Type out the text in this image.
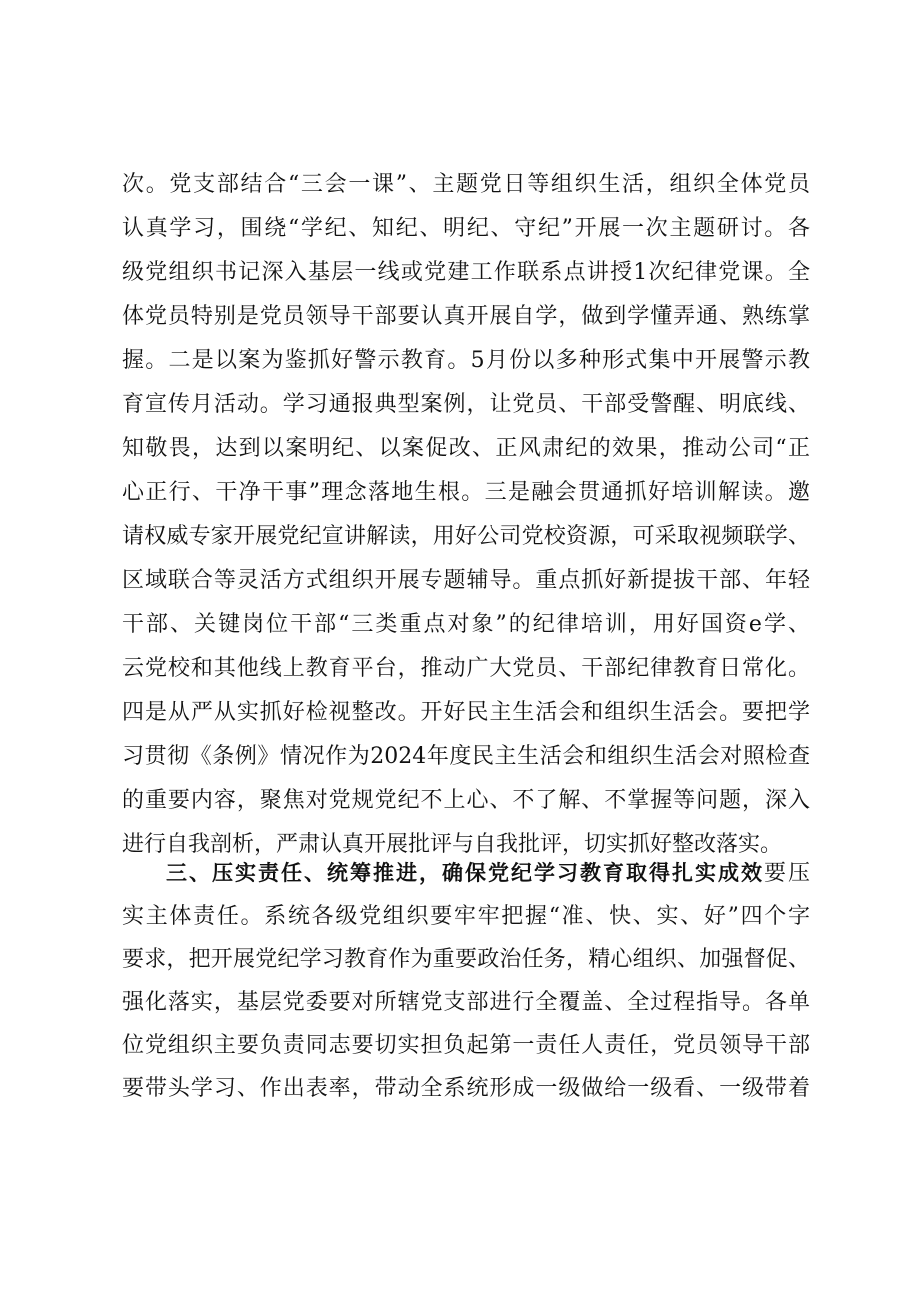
次。党支部结合“三会一课”、主题党日等组织生活，组织全体党员
认真学习，围绕“学纪、知纪、明纪、守纪”开展一次主题研讨。各
级党组织书记深入基层一线或党建工作联系点讲授1次纪律党课。全
体党员特别是党员领导干部要认真开展自学，做到学懂弄通、熟练掌
握。二是以案为鉴抓好警示教育。5月份以多种形式集中开展警示教
育宣传月活动。学习通报典型案例，让党员、干部受警醒、明底线、
知敬畏，达到以案明纪、以案促改、正风肃纪的效果，推动公司“正
心正行、干净干事”理念落地生根。三是融会贯通抓好培训解读。邀
请权威专家开展党纪宣讲解读，用好公司党校资源，可采取视频联学、
区域联合等灵活方式组织开展专题辅导。重点抓好新提拔干部、年轻
干部、关键岗位干部“三类重点对象”的纪律培训，用好国资e学、
云党校和其他线上教育平台，推动广大党员、干部纪律教育日常化。
四是从严从实抓好检视整改。开好民主生活会和组织生活会。要把学
习贯彻《条例》情况作为2024年度民主生活会和组织生活会对照检查
的重要内容，聚焦对党规党纪不上心、不了解、不掌握等问题，深入
进行自我剖析，严肃认真开展批评与自我批评，切实抓好整改落实。
三、压实责任、统筹推进，确保党纪学习教育取得扎实成效要压
实主体责任。系统各级党组织要牢牢把握“准、快、实、好”四个字
要求，把开展党纪学习教育作为重要政治任务，精心组织、加强督促、
强化落实，基层党委要对所辖党支部进行全覆盖、全过程指导。各单
位党组织主要负责同志要切实担负起第一责任人责任，党员领导干部
要带头学习、作出表率，带动全系统形成一级做给一级看、一级带着
